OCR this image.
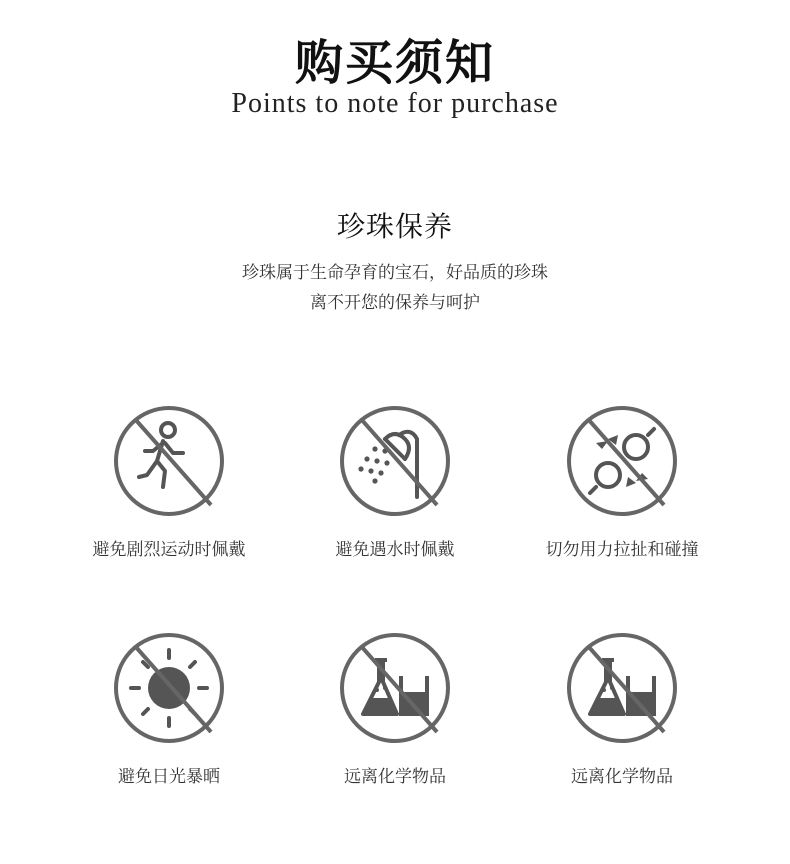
购买须知
Points to note for purchase
珍珠保养
珍珠属于生命孕育的宝石，好品质的珍珠
离不开您的保养与呵护
避免剧烈运动时佩戴	避免遇水时佩戴	切勿用力拉扯和碰撞
避免日光暴晒	远离化学物品	远离化学物品
